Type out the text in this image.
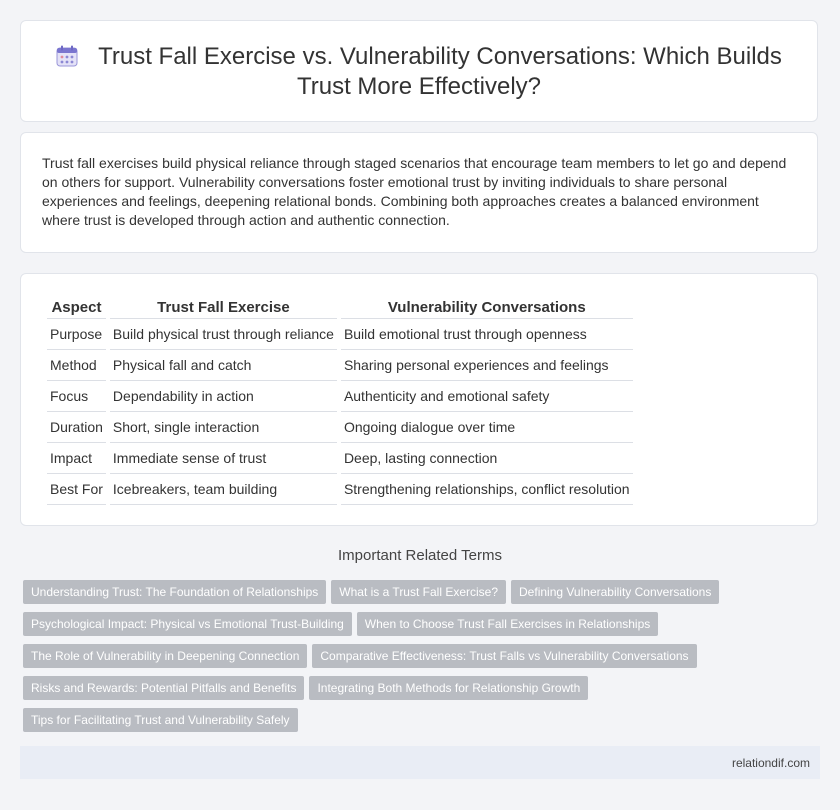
Trust Fall Exercise vs. Vulnerability Conversations: Which Builds
Trust More Effectively?

Trust fall exercises build physical reliance through staged scenarios that encourage team members to let go and depend on others for support. Vulnerability conversations foster emotional trust by inviting individuals to share personal experiences and feelings, deepening relational bonds. Combining both approaches creates a balanced environment where trust is developed through action and authentic connection.

Aspect	Trust Fall Exercise	Vulnerability Conversations
Purpose	Build physical trust through reliance	Build emotional trust through openness
Method	Physical fall and catch	Sharing personal experiences and feelings
Focus	Dependability in action	Authenticity and emotional safety
Duration	Short, single interaction	Ongoing dialogue over time
Impact	Immediate sense of trust	Deep, lasting connection
Best For	Icebreakers, team building	Strengthening relationships, conflict resolution
Important Related Terms
Understanding Trust: The Foundation of Relationships What is a Trust Fall Exercise? Defining Vulnerability Conversations
Psychological Impact: Physical vs Emotional Trust-Building When to Choose Trust Fall Exercises in Relationships
The Role of Vulnerability in Deepening Connection Comparative Effectiveness: Trust Falls vs Vulnerability Conversations
Risks and Rewards: Potential Pitfalls and Benefits Integrating Both Methods for Relationship Growth
Tips for Facilitating Trust and Vulnerability Safely
relationdif.com
